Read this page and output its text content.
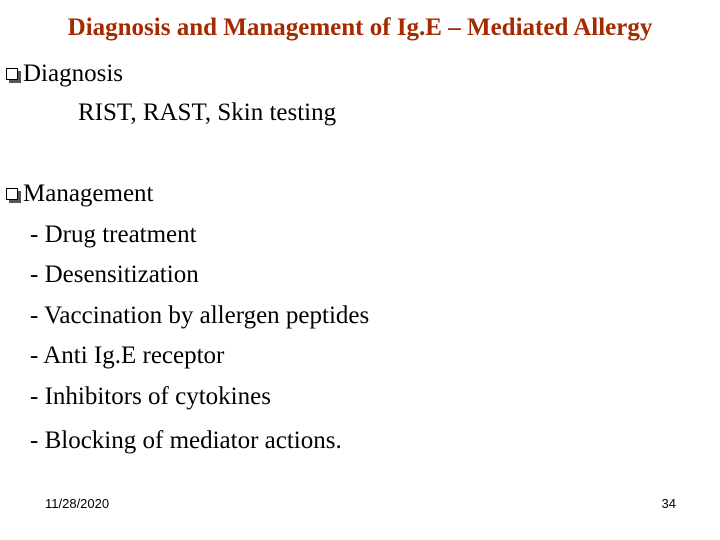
Diagnosis and Management of Ig.E – Mediated Allergy
Diagnosis
RIST, RAST, Skin testing
Management
- Drug treatment
- Desensitization
- Vaccination by allergen peptides
- Anti Ig.E receptor
- Inhibitors of cytokines
- Blocking of mediator actions.
11/28/2020	34
